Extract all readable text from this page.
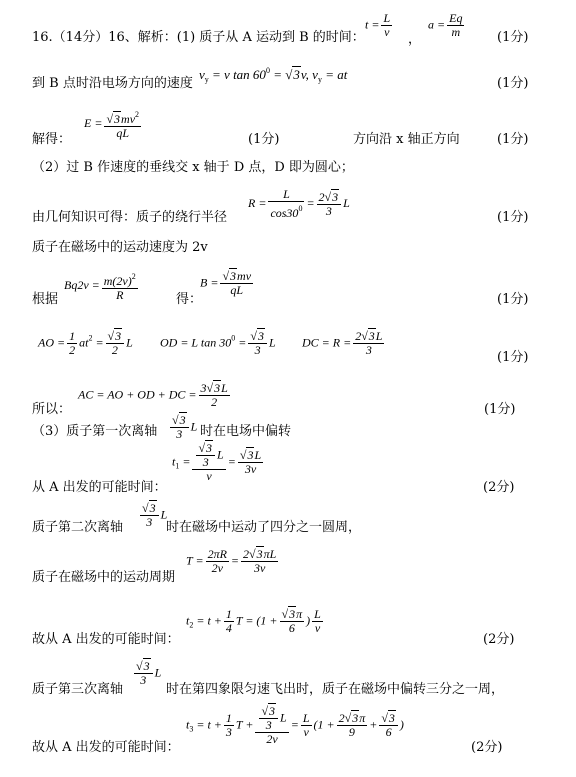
16.（14分）16、解析：(1) 质子从 A 运动到 B 的时间：
$t = \frac{L}{v}$
，
$a = \frac{Eq}{m}$	(1分)
到 B 点时沿电场方向的速度
$v_y = v$ $\tan 60^0 = √3v$, $v_y$ = at
(1分)
$E = \frac{√3mv^2}{qL}$
解得：	(1分)	方向沿 x 轴正方向	(1分)
（2）过 B 作速度的垂线交 x 轴于 D 点，D 即为圆心；
$R = \frac{L}{\cos 30^0} = \frac{2√3}{3}$ L
由几何知识可得：质子的绕行半径	(1分)
质子在磁场中的运动速度为 2v
$Bq2v = \frac{m(2v)^2}{R}$
根据	得：
$B = \frac{√3mv}{qL}$
(1分)
AO = $\frac{1}{2} at^2 = \frac{√3}{2}$ L OD = L $\tan 30^0 = \frac{√3}{3}$ L DC = $R = \frac{2√3L}{3}$
(1分)
AC = AO + OD + DC = $\frac{3√3L}{2}$
所以：	(1分)
（3）质子第一次离轴 $\frac{√3}{3}$ L 时在电场中偏转
$t_1 = \frac{\frac{√3}{3} L}{v} = \frac{√3L}{3v}$
从 A 出发的可能时间：	(2分)
质子第二次离轴 $\frac{√3}{3}$ L
时在磁场中运动了四分之一圆周，
$T = \frac{2\pi R}{2v} = \frac{2√3\pi L}{3v}$
质子在磁场中的运动周期
$t_2 = t + \frac{1}{4}$ $T = (1 + \frac{√3\pi}{6}$ ) $\frac{L}{v}$
故从 A 出发的可能时间：	(2分)
$\frac{√3}{3}$ L
质子第三次离轴	时在第四象限匀速飞出时，质子在磁场中偏转三分之一周，
$t_3 = t + \frac{1}{3}$ $T + \frac{\frac{√3}{3} L}{2v} = \frac{L}{v} (1 + \frac{2√3\pi}{9} + \frac{√3}{6}$ )
故从 A 出发的可能时间：	(2分)
